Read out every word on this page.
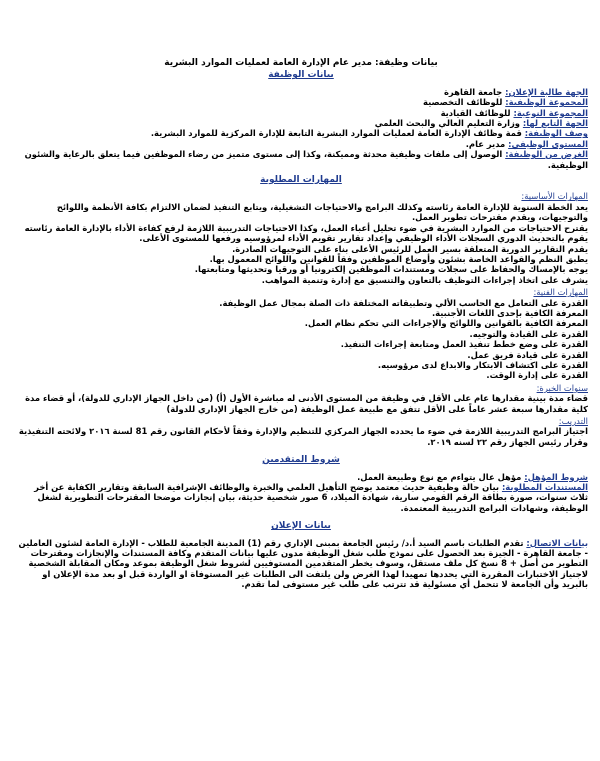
بيانات وظيفة: مدير عام الإدارة العامة لعمليات الموارد البشرية
بيانات الوظيفة
الجهة طالبة الإعلان: جامعة القاهرة
المجموعة الوظيفية: للوظائف التخصصية
المجموعة النوعية: للوظائف القيادية
الجهة التابع لها: وزارة التعليم العالي والبحث العلمي
وصف الوظيفة: قمة وظائف الإدارة العامة لعمليات الموارد البشرية التابعة للإدارة المركزية للموارد البشرية.
المستوى الوظيفي: مدير عام.
الغرض من الوظيفة: الوصول إلى ملفات وظيفية محدثة ومميكنة، وكذا إلى مستوى متميز من رضاء الموظفين فيما يتعلق بالرعاية والشئون الوظيفية.
المهارات المطلوبة
المهارات الأساسية:
يعد الخطة السنوية للإدارة العامة رئاسته وكذلك البرامج والاحتياجات التشغيلية، ويتابع التنفيذ لضمان الالتزام بكافة الأنظمة واللوائح والتوجيهات، ويقدم مقترحات تطوير العمل.
يقترح الاحتياجات من الموارد البشرية في ضوء تحليل أعباء العمل، وكذا الاحتياجات التدريبية اللازمة لرفع كفاءة الأداء بالإدارة العامة رئاسته يقوم بالتحديث الدوري السجلات الأداء الوظيفي وإعداد تقارير تقويم الأداء لمرؤوسيه ورفعها للمستوى الأعلى.
يقدم التقارير الدورية المتعلقة بسير العمل للرئيس الأعلى بناء على التوجيهات الصادرة.
يطبق النظم والقواعد الخاصة بشئون وأوضاع الموظفين وفقاً للقوانين واللوائح المعمول بها.
يوجه بالإمساك والحفاظ على سجلات ومستندات الموظفين إلكترونيا أو ورقيا وتحديثها ومتابعتها.
يشرف على اتخاذ إجراءات التوظيف بالتعاون والتنسيق مع إدارة وتنمية المواهب.
المهارات الفنية:
القدرة على التعامل مع الحاسب الألي وتطبيقاته المختلفة ذات الصلة بمجال عمل الوظيفة.
المعرفة الكافية بإحدى اللغات الأجنبية.
المعرفة الكافية بالقوانين واللوائح والإجراءات التي تحكم نظام العمل.
القدرة على القيادة والتوجيه.
القدرة على وضع خطط تنفيذ العمل ومتابعة إجراءات التنفيذ.
القدرة على قيادة فريق عمل.
القدرة على اكتشاف الابتكار والابداع لدى مرؤوسيه.
القدرة على إدارة الوقت.
سنوات الخبرة:
قضاء مدة بينية مقدارها عام على الأقل في وظيفة من المستوى الأدنى له مباشرة الأول (أ) (من داخل الجهاز الإداري للدولة)، أو قضاء مدة كلية مقدارها سبعة عشر عاماً على الأقل تتفق مع طبيعة عمل الوظيفة (من خارج الجهاز الإداري للدولة)
التدريب:
اجتياز البرامج التدريبية اللازمة في ضوء ما يحدده الجهاز المركزي للتنظيم والإدارة وفقاً لأحكام القانون رقم 81 لسنة ٢٠١٦ ولائحته التنفيذية وقرار رئيس الجهاز رقم ٢٢ لسنه ٢٠١٩.
شروط المتقدمين
شروط المؤهل: مؤهل عال يتواءم مع نوع وطبيعة العمل.
المستندات المطلوبة: بيان حالة وظيفية حديث معتمد يوضح التأهيل العلمي والخبرة والوظائف الإشرافية السابقة وتقارير الكفاية عن أخر ثلاث سنوات، صورة بطاقة الرقم القومي سارية، شهادة الميلاد، 6 صور شخصية حديثة، بيان إنجازات موضحا المقترحات التطويرية لشغل الوظيفة، وشهادات البرامج التدريبية المعتمدة.
بيانات الإعلان
بيانات الاتصال: تقدم الطلبات باسم السيد أ.د/ رئيس الجامعة بمبنى الإداري رقم (1) المدينة الجامعية للطلاب - الإدارة العامة لشئون العاملين - جامعة القاهرة - الجيزة بعد الحصول على نموذج طلب شغل الوظيفة مدون عليها بيانات المتقدم وكافة المستندات والإنجازات ومقترحات التطوير من أصل + 8 نسخ كل ملف مستقل، وسوف يخطر المتقدمين المستوفيين لشروط شغل الوظيفة بموعد ومكان المقابلة الشخصية لاجتياز الاختبارات المقررة التي يحددها تمهيدا لهذا الغرض ولن يلتفت الى الطلبات غير المستوفاة او الواردة قبل او بعد مدة الإعلان او بالبريد وأن الجامعة لا تتحمل أي مسئولية قد تترتب على طلب غير مستوفى لما تقدم.
